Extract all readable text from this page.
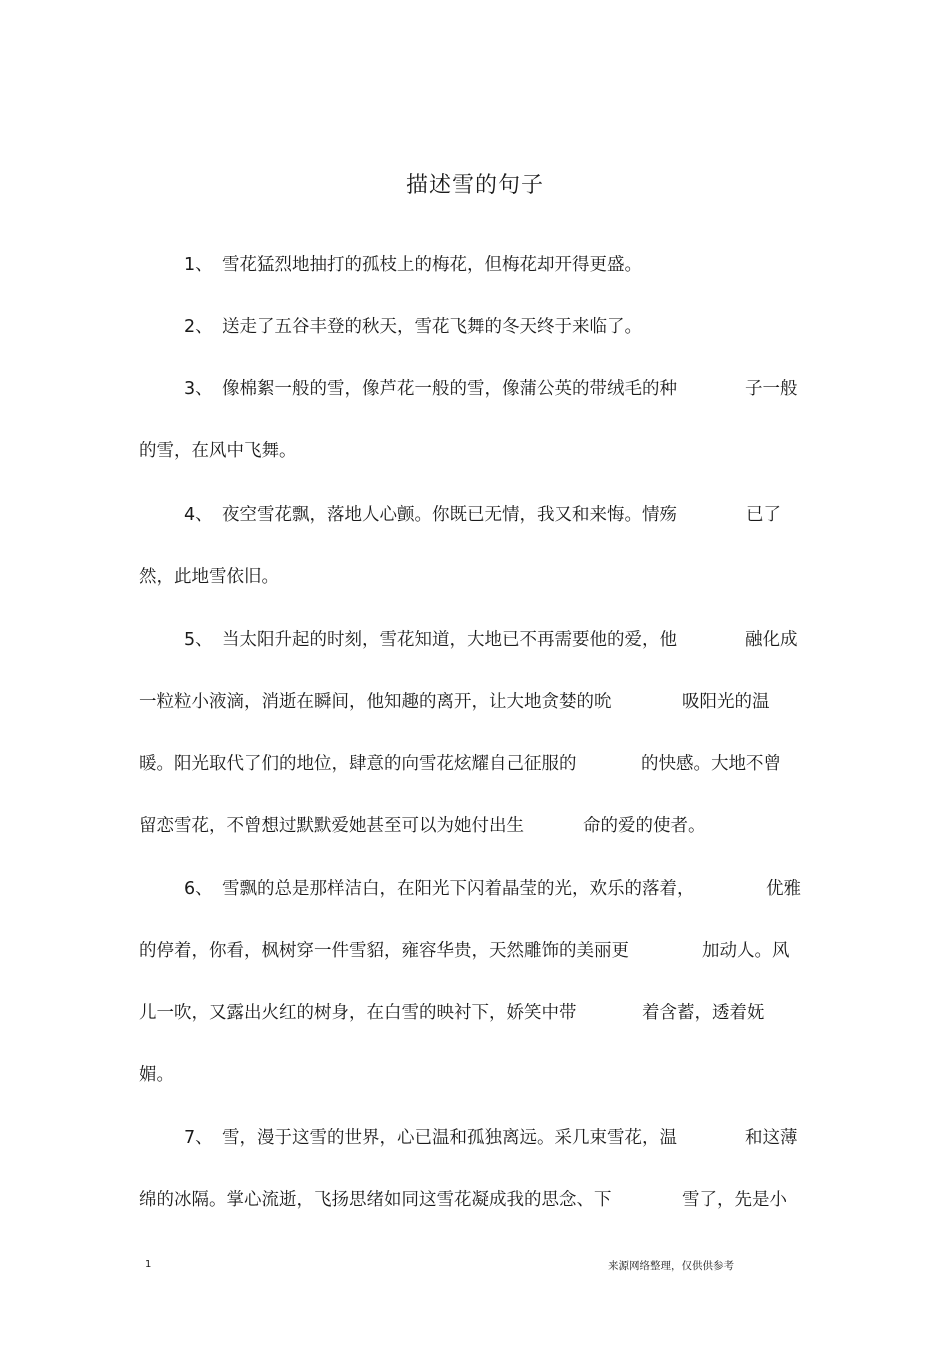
描述雪的句子
1、 雪花猛烈地抽打的孤枝上的梅花，但梅花却开得更盛。
2、 送走了五谷丰登的秋天，雪花飞舞的冬天终于来临了。
3、 像棉絮一般的雪，像芦花一般的雪，像蒲公英的带绒毛的种	子一般
的雪，在风中飞舞。
4、 夜空雪花飘，落地人心颤。你既已无情，我又和来悔。情殇	已了
然，此地雪依旧。
5、 当太阳升起的时刻，雪花知道，大地已不再需要他的爱，他	融化成
一粒粒小液滴，消逝在瞬间，他知趣的离开，让大地贪婪的吮	吸阳光的温
暖。阳光取代了们的地位，肆意的向雪花炫耀自己征服的	的快感。大地不曾
留恋雪花，不曾想过默默爱她甚至可以为她付出生	命的爱的使者。
6、 雪飘的总是那样洁白，在阳光下闪着晶莹的光，欢乐的落着，	优雅
的停着，你看，枫树穿一件雪貂，雍容华贵，天然雕饰的美丽更	加动人。风
儿一吹，又露出火红的树身，在白雪的映衬下，娇笑中带	着含蓄，透着妩
媚。
7、 雪，漫于这雪的世界，心已温和孤独离远。采几束雪花，温	和这薄
绵的冰隔。掌心流逝，飞扬思绪如同这雪花凝成我的思念、下	雪了，先是小
1	来源网络整理，仅供供参考
